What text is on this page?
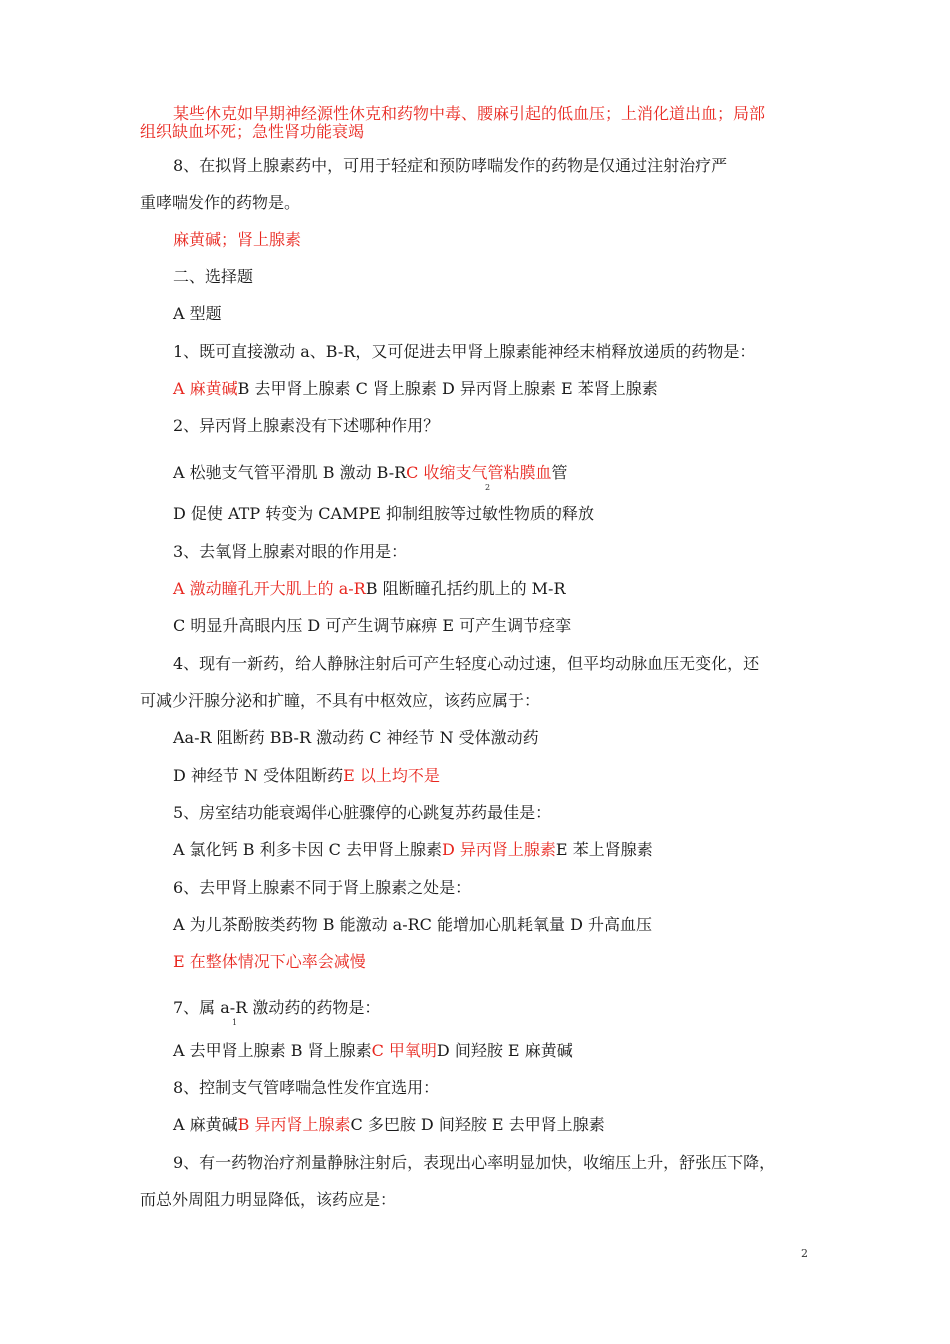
某些休克如早期神经源性休克和药物中毒、腰麻引起的低血压；上消化道出血；局部
组织缺血坏死；急性肾功能衰竭
8、在拟肾上腺素药中，可用于轻症和预防哮喘发作的药物是仅通过注射治疗严
重哮喘发作的药物是。
麻黄碱；肾上腺素
二、选择题
A 型题
1、既可直接激动 a、B-R，又可促进去甲肾上腺素能神经末梢释放递质的药物是：
A 麻黄碱B 去甲肾上腺素 C 肾上腺素 D 异丙肾上腺素 E 苯肾上腺素
2、异丙肾上腺素没有下述哪种作用？
A 松驰支气管平滑肌 B 激动 B-RC 收缩支气管粘膜血管
2
D 促使 ATP 转变为 CAMPE 抑制组胺等过敏性物质的释放
3、去氧肾上腺素对眼的作用是：
A 激动瞳孔开大肌上的 a-RB 阻断瞳孔括约肌上的 M-R
C 明显升高眼内压 D 可产生调节麻痹 E 可产生调节痉挛
4、现有一新药，给人静脉注射后可产生轻度心动过速，但平均动脉血压无变化，还
可减少汗腺分泌和扩瞳，不具有中枢效应，该药应属于：
Aa-R 阻断药 BB-R 激动药 C 神经节 N 受体激动药
D 神经节 N 受体阻断药E 以上均不是
5、房室结功能衰竭伴心脏骤停的心跳复苏药最佳是：
A 氯化钙 B 利多卡因 C 去甲肾上腺素D 异丙肾上腺素E 苯上肾腺素
6、去甲肾上腺素不同于肾上腺素之处是：
A 为儿茶酚胺类药物 B 能激动 a-RC 能增加心肌耗氧量 D 升高血压
E 在整体情况下心率会减慢
7、属 a-R 激动药的药物是：
1
A 去甲肾上腺素 B 肾上腺素C 甲氧明D 间羟胺 E 麻黄碱
8、控制支气管哮喘急性发作宜选用：
A 麻黄碱B 异丙肾上腺素C 多巴胺 D 间羟胺 E 去甲肾上腺素
9、有一药物治疗剂量静脉注射后，表现出心率明显加快，收缩压上升，舒张压下降，
而总外周阻力明显降低，该药应是：
2
